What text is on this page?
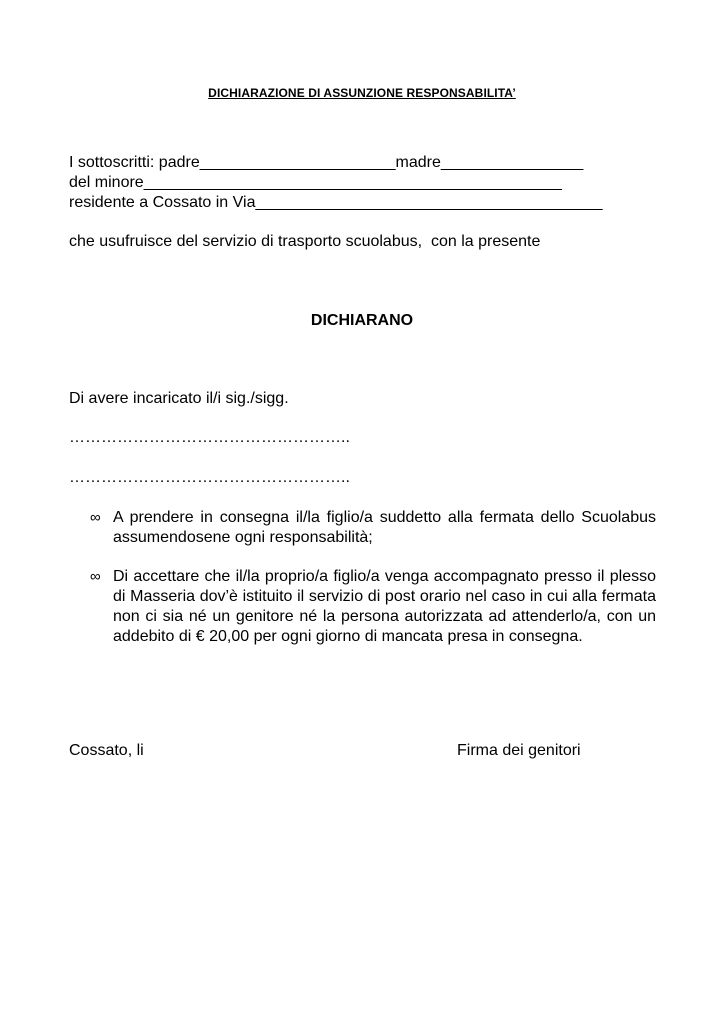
DICHIARAZIONE DI ASSUNZIONE RESPONSABILITA’
I sottoscritti: padre______________________madre________________
del minore_______________________________________________
residente a Cossato in Via_______________________________________
che usufruisce del servizio di trasporto scuolabus,  con la presente
DICHIARANO
Di avere incaricato il/i sig./sigg.
……………………………………………..
……………………………………………..
∞ A prendere in consegna il/la figlio/a suddetto alla fermata dello Scuolabus assumendosene ogni responsabilità;
∞ Di accettare che il/la proprio/a figlio/a venga accompagnato presso il plesso di Masseria dov’è istituito il servizio di post orario nel caso in cui alla fermata non ci sia né un genitore né la persona autorizzata ad attenderlo/a, con un addebito di € 20,00 per ogni giorno di mancata presa in consegna.
Cossato, li	Firma dei genitori
